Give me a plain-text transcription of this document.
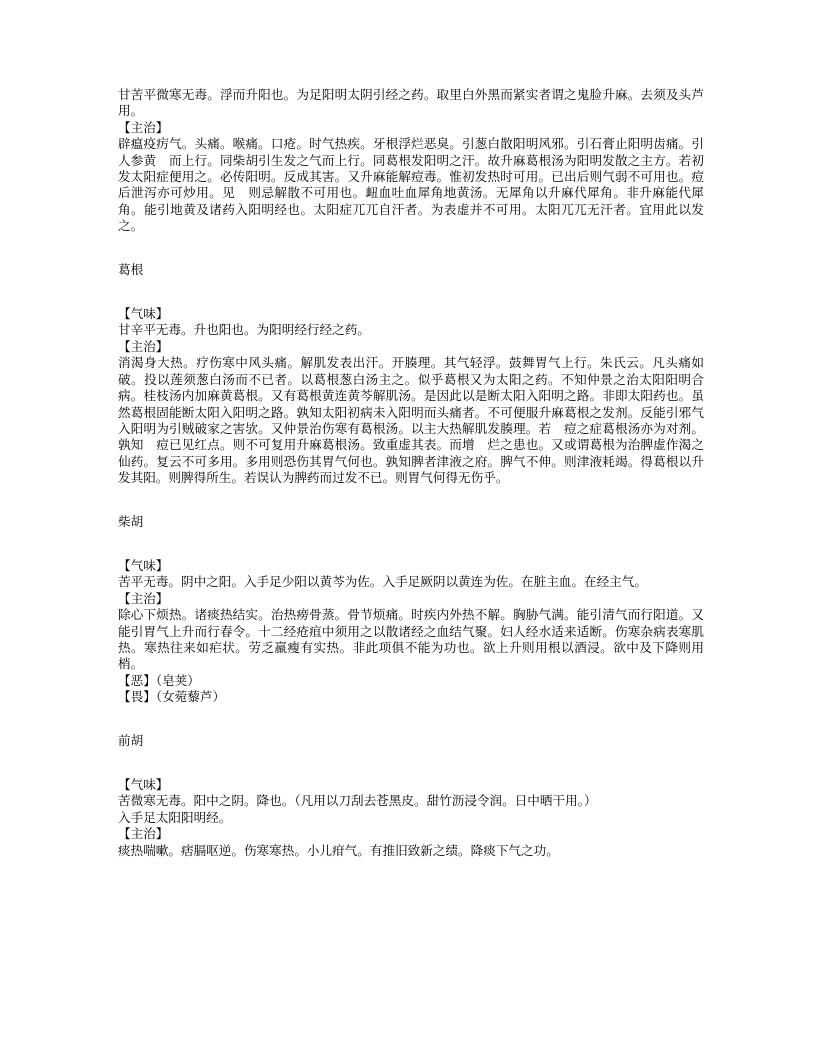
甘苦平微寒无毒。浮而升阳也。为足阳明太阴引经之药。取里白外黑而紧实者谓之鬼脸升麻。去须及头芦用。

【主治】

辟瘟疫疠气。头痛。喉痛。口疮。时气热疾。牙根浮烂恶臭。引葱白散阳明风邪。引石膏止阳明齿痛。引人参黄　而上行。同柴胡引生发之气而上行。同葛根发阳明之汗。故升麻葛根汤为阳明发散之主方。若初发太阳症便用之。必传阳明。反成其害。又升麻能解痘毒。惟初发热时可用。已出后则气弱不可用也。痘后泄泻亦可炒用。见　则忌解散不可用也。衄血吐血犀角地黄汤。无犀角以升麻代犀角。非升麻能代犀角。能引地黄及诸药入阳明经也。太阳症兀兀自汗者。为表虚并不可用。太阳兀兀无汗者。宜用此以发之。

葛根

【气味】

甘辛平无毒。升也阳也。为阳明经行经之药。

【主治】

消渴身大热。疗伤寒中风头痛。解肌发表出汗。开腠理。其气轻浮。鼓舞胃气上行。朱氏云。凡头痛如破。投以莲须葱白汤而不已者。以葛根葱白汤主之。似乎葛根又为太阳之药。不知仲景之治太阳阳明合病。桂枝汤内加麻黄葛根。又有葛根黄连黄芩解肌汤。是因此以是断太阳入阳明之路。非即太阳药也。虽然葛根固能断太阳入阳明之路。孰知太阳初病未入阳明而头痛者。不可便服升麻葛根之发剂。反能引邪气入阳明为引贼破家之害欤。又仲景治伤寒有葛根汤。以主大热解肌发腠理。若　痘之症葛根汤亦为对剂。孰知　痘已见红点。则不可复用升麻葛根汤。致重虚其表。而增　烂之患也。又或谓葛根为治脾虚作渴之仙药。复云不可多用。多用则恐伤其胃气何也。孰知脾者津液之府。脾气不伸。则津液耗竭。得葛根以升发其阳。则脾得所生。若误认为脾药而过发不已。则胃气何得无伤乎。

柴胡

【气味】

苦平无毒。阴中之阳。入手足少阳以黄芩为佐。入手足厥阴以黄连为佐。在脏主血。在经主气。

【主治】

除心下烦热。诸痰热结实。治热痨骨蒸。骨节烦痛。时疾内外热不解。胸胁气满。能引清气而行阳道。又能引胃气上升而行春令。十二经疮疽中须用之以散诸经之血结气聚。妇人经水适来适断。伤寒杂病表寒肌热。寒热往来如疟状。劳乏羸瘦有实热。非此项俱不能为功也。欲上升则用根以酒浸。欲中及下降则用梢。

【恶】（皂荚）

【畏】（女菀藜芦）

前胡

【气味】

苦微寒无毒。阳中之阴。降也。（凡用以刀刮去苍黑皮。甜竹沥浸令润。日中晒干用。）

入手足太阳阳明经。

【主治】

痰热喘嗽。痞膈呕逆。伤寒寒热。小儿疳气。有推旧致新之绩。降痰下气之功。
